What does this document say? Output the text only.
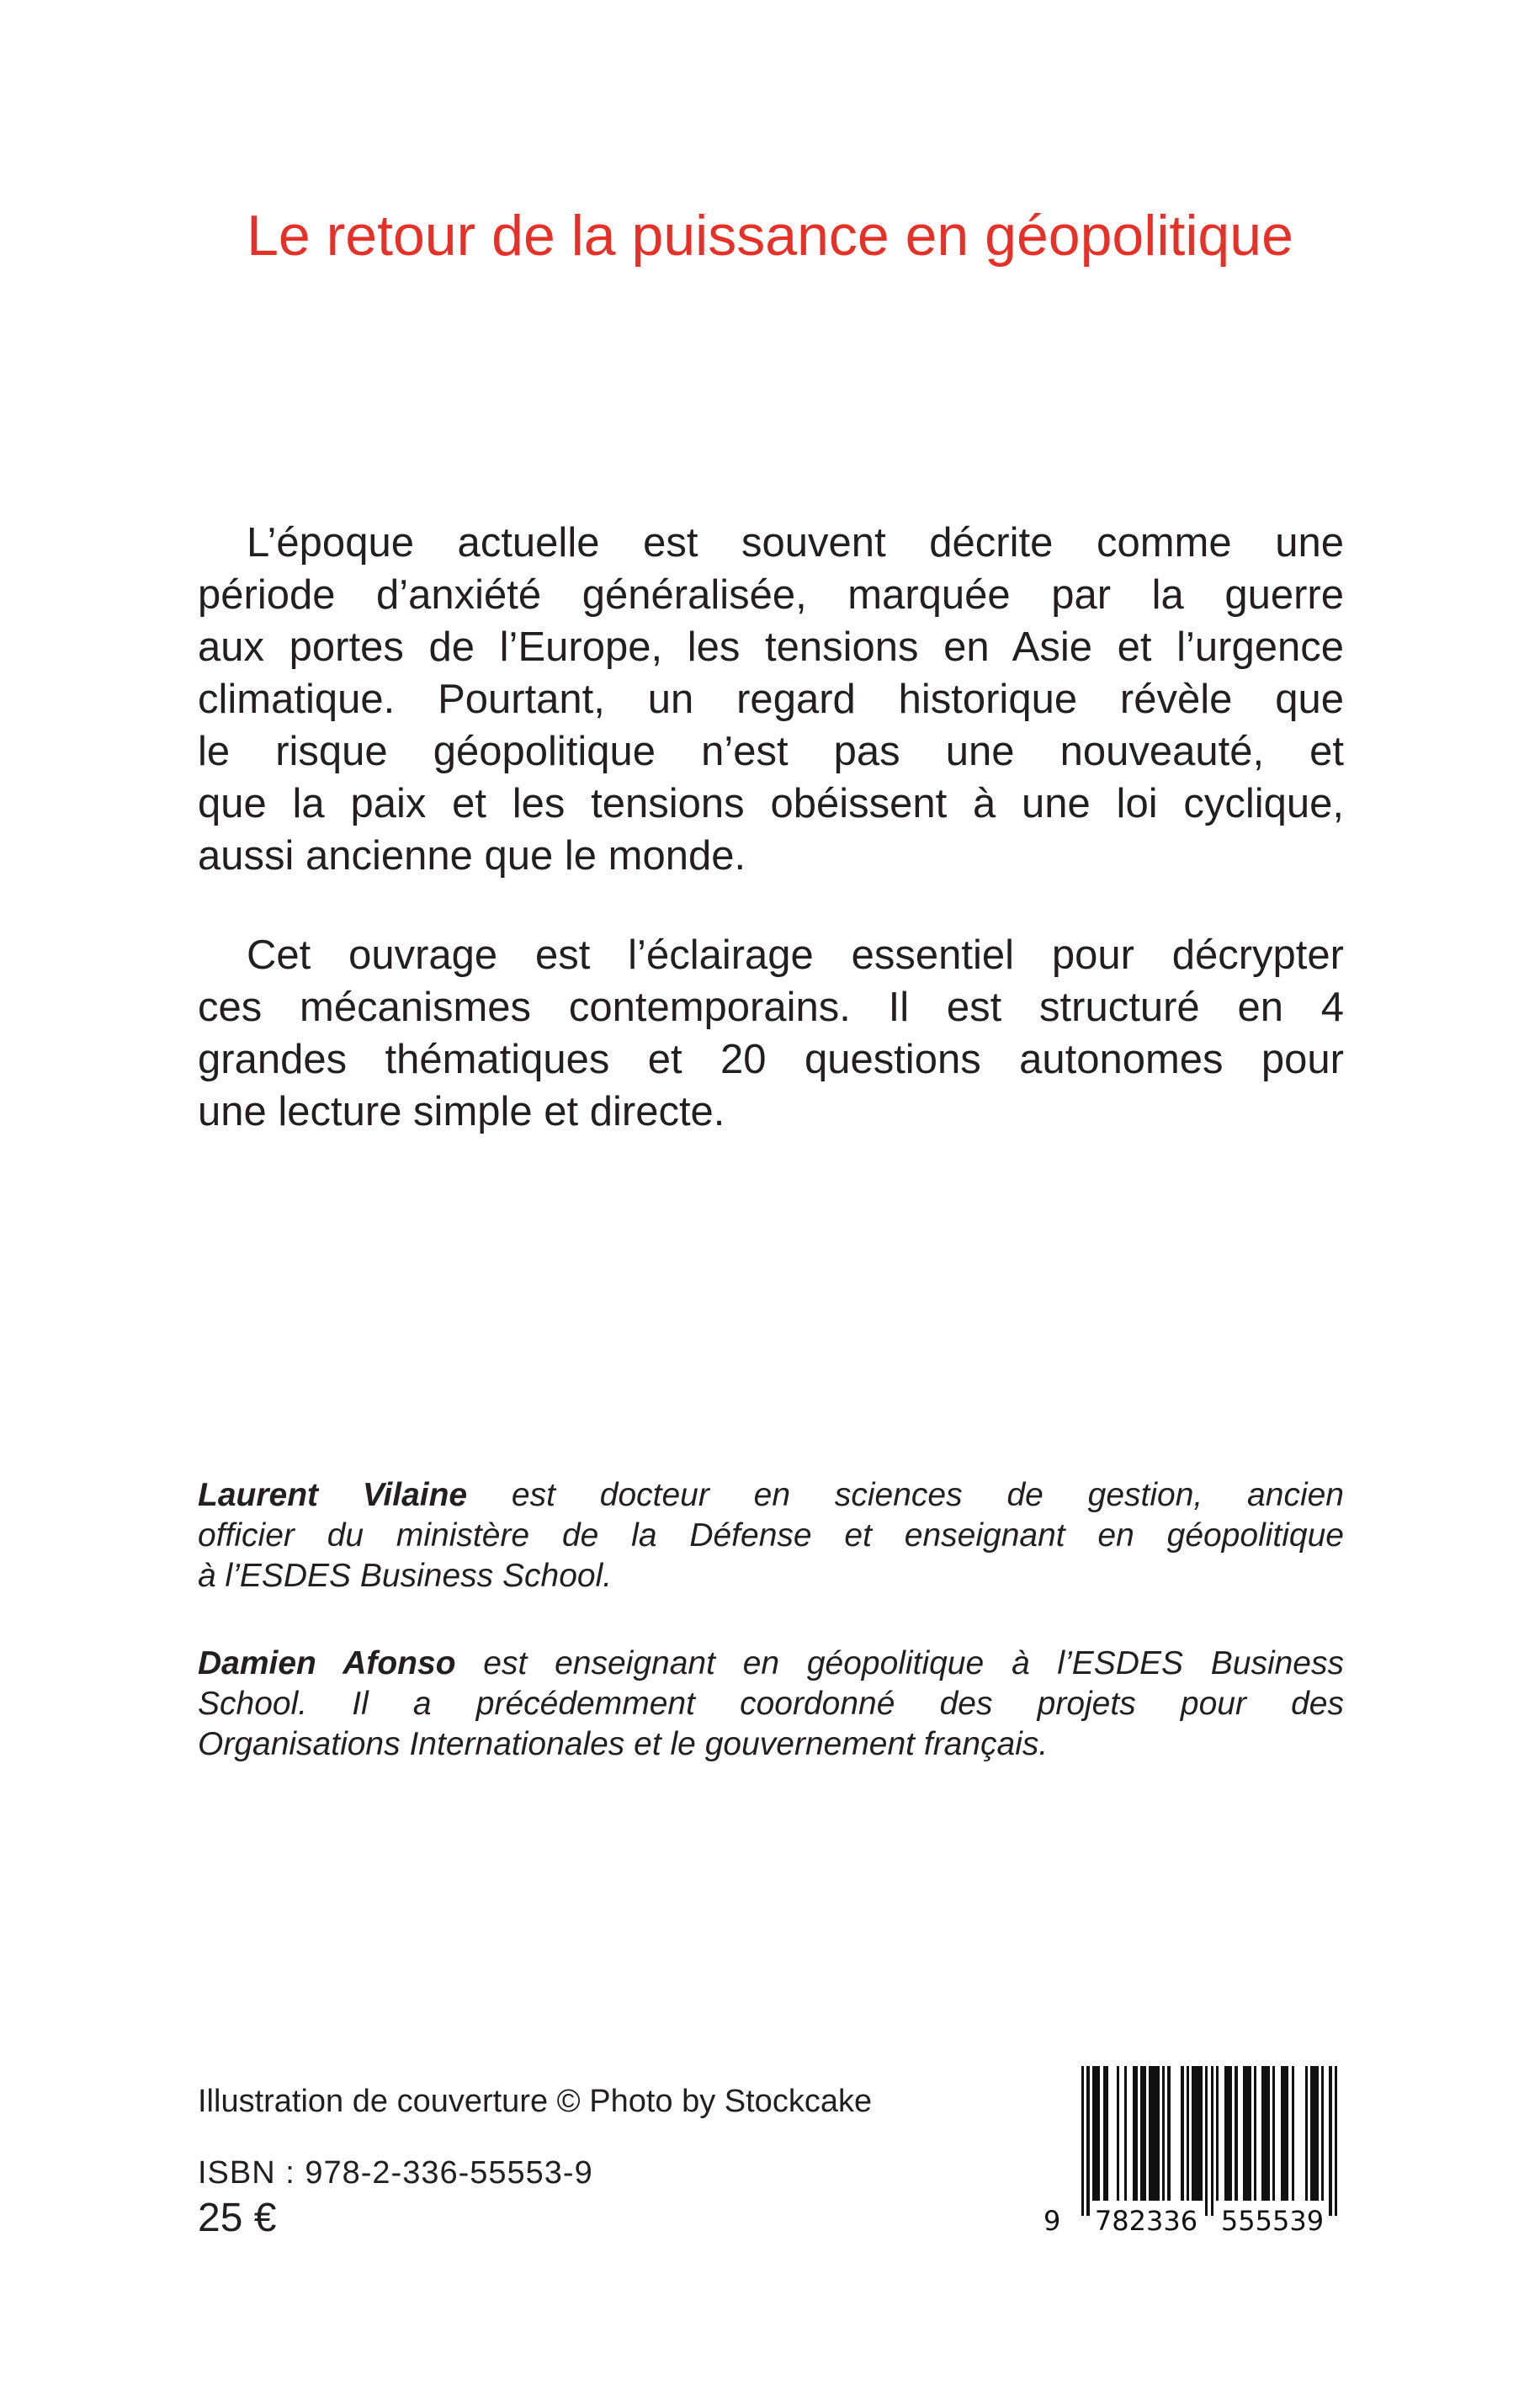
Le retour de la puissance en géopolitique
L’époque actuelle est souvent décrite comme une
période d’anxiété généralisée, marquée par la guerre
aux portes de l’Europe, les tensions en Asie et l’urgence
climatique. Pourtant, un regard historique révèle que
le risque géopolitique n’est pas une nouveauté, et
que la paix et les tensions obéissent à une loi cyclique,
aussi ancienne que le monde.
Cet ouvrage est l’éclairage essentiel pour décrypter
ces mécanismes contemporains. Il est structuré en 4
grandes thématiques et 20 questions autonomes pour
une lecture simple et directe.
Laurent Vilaine est docteur en sciences de gestion, ancien
officier du ministère de la Défense et enseignant en géopolitique
à l’ESDES Business School.
Damien Afonso est enseignant en géopolitique à l’ESDES Business
School. Il a précédemment coordonné des projets pour des
Organisations Internationales et le gouvernement français.
Illustration de couverture © Photo by Stockcake
ISBN : 978-2-336-55553-9
25 €	9 782336 555539
